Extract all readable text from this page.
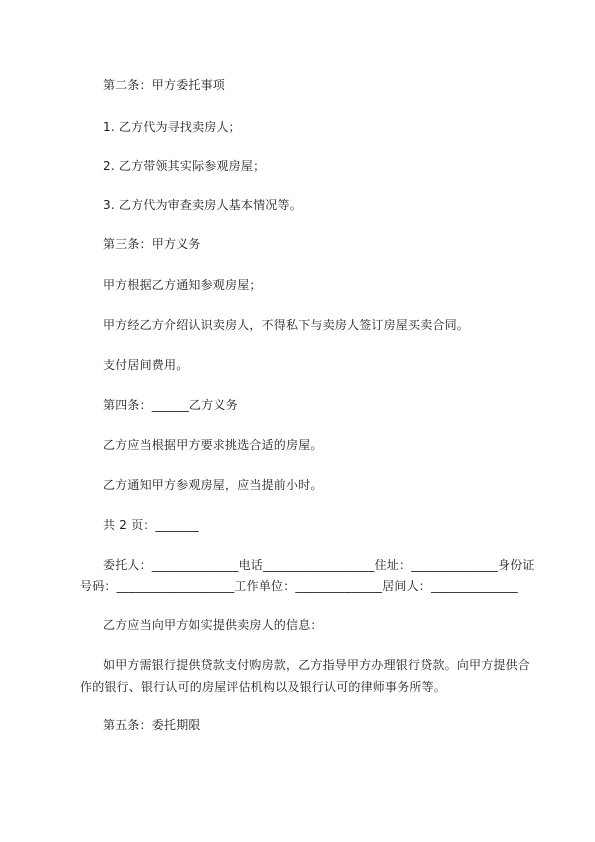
第二条：甲方委托事项
1. 乙方代为寻找卖房人；
2. 乙方带领其实际参观房屋；
3. 乙方代为审查卖房人基本情况等。
第三条：甲方义务
甲方根据乙方通知参观房屋；
甲方经乙方介绍认识卖房人，不得私下与卖房人签订房屋买卖合同。
支付居间费用。
第四条：______乙方义务
乙方应当根据甲方要求挑选合适的房屋。
乙方通知甲方参观房屋，应当提前小时。
共 2 页：_______
委托人：______________电话__________________住址：______________身份证
号码：___________________工作单位：______________居间人：______________
乙方应当向甲方如实提供卖房人的信息：
如甲方需银行提供贷款支付购房款，乙方指导甲方办理银行贷款。向甲方提供合
作的银行、银行认可的房屋评估机构以及银行认可的律师事务所等。
第五条：委托期限
